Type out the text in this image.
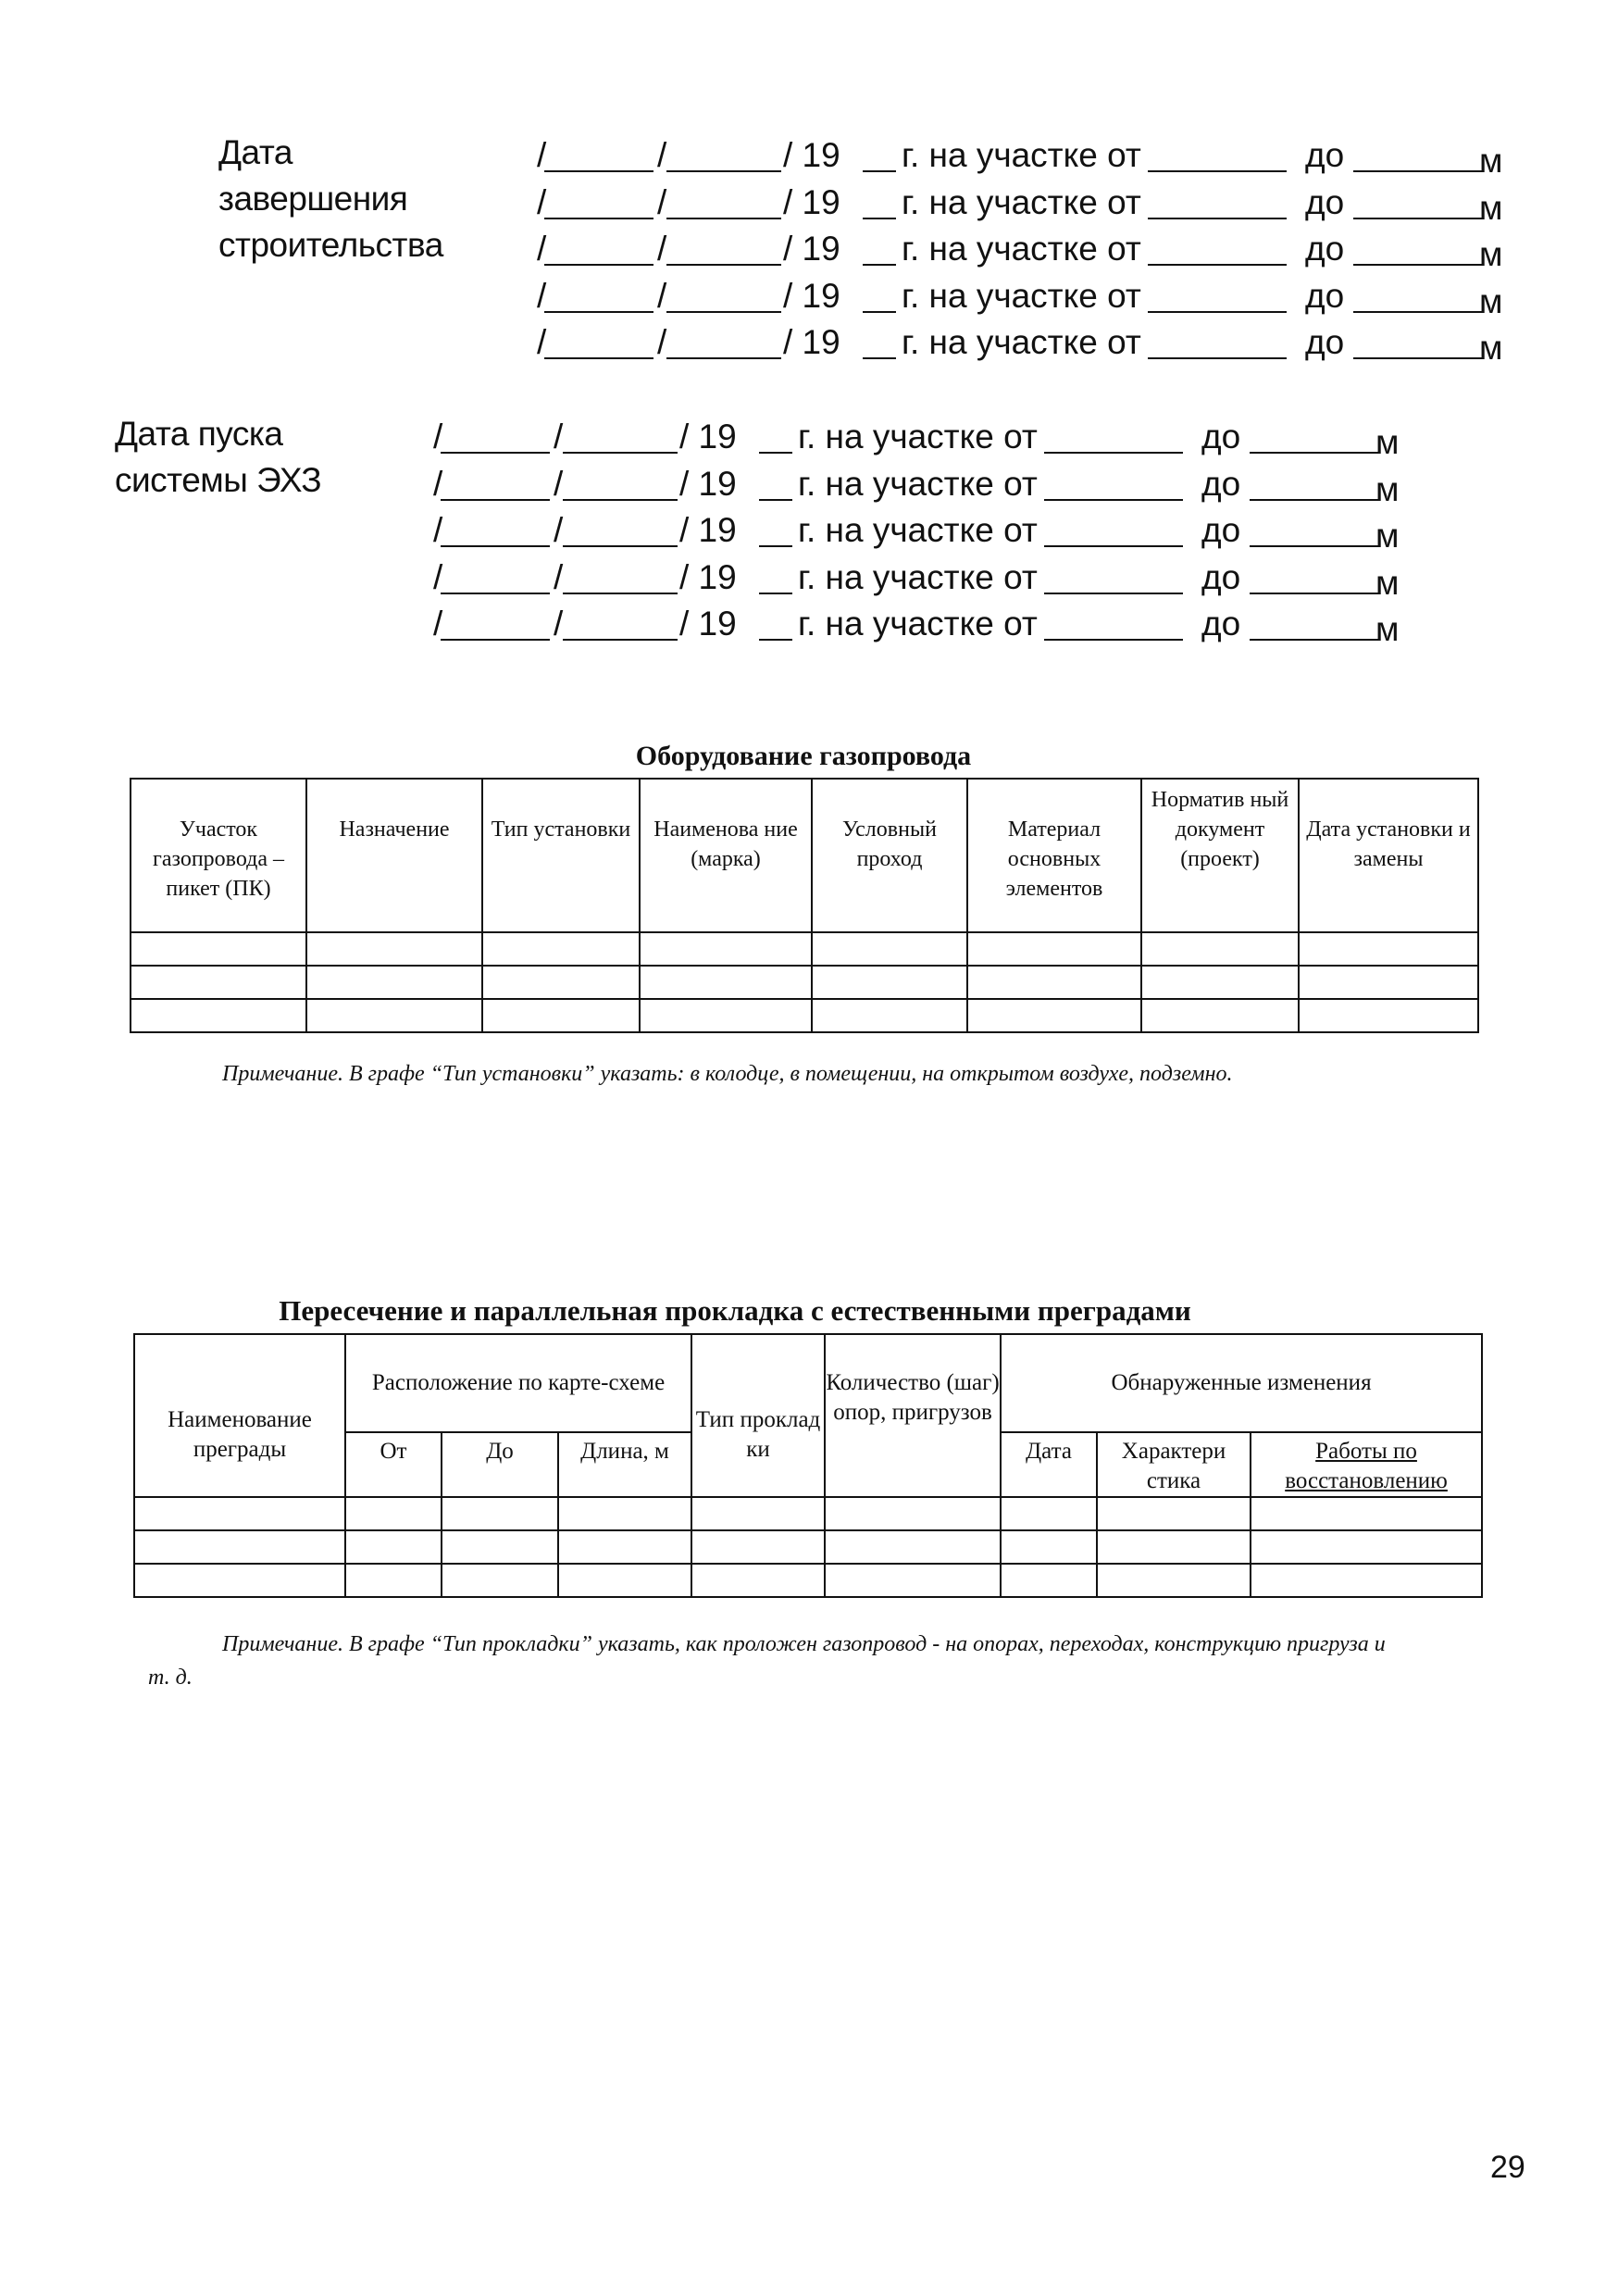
Дата
завершения
строительства
/	/	/ 19 г. на участке от	до	м
/	/	/ 19 г. на участке от	до	м
/	/	/ 19 г. на участке от	до	м
/	/	/ 19 г. на участке от	до	м
/	/	/ 19 г. на участке от	до	м
Дата пуска
системы ЭХЗ
/	/	/ 19 г. на участке от	до	м
/	/	/ 19 г. на участке от	до	м
/	/	/ 19 г. на участке от	до	м
/	/	/ 19 г. на участке от	до	м
/	/	/ 19 г. на участке от	до	м
Оборудование газопровода
Участок газопровода – пикет (ПК)	Назначение	Тип установки	Наименова ние (марка)	Условный проход	Материал основных элементов	Норматив ный документ (проект)	Дата установки и замены

Примечание. В графе “Тип установки” указать: в колодце, в помещении, на открытом воздухе, подземно.
Пересечение и параллельная прокладка с естественными преградами
Наименование преграды	Расположение по карте-схеме			Тип проклад ки	Количество (шаг) опор, пригрузов	Обнаруженные изменения		
	От	До	Длина, м			Дата	Характери стика	Работы по восстановлению

Примечание. В графе “Тип прокладки” указать, как проложен газопровод - на опорах, переходах, конструкцию пригруза и т. д.
29
